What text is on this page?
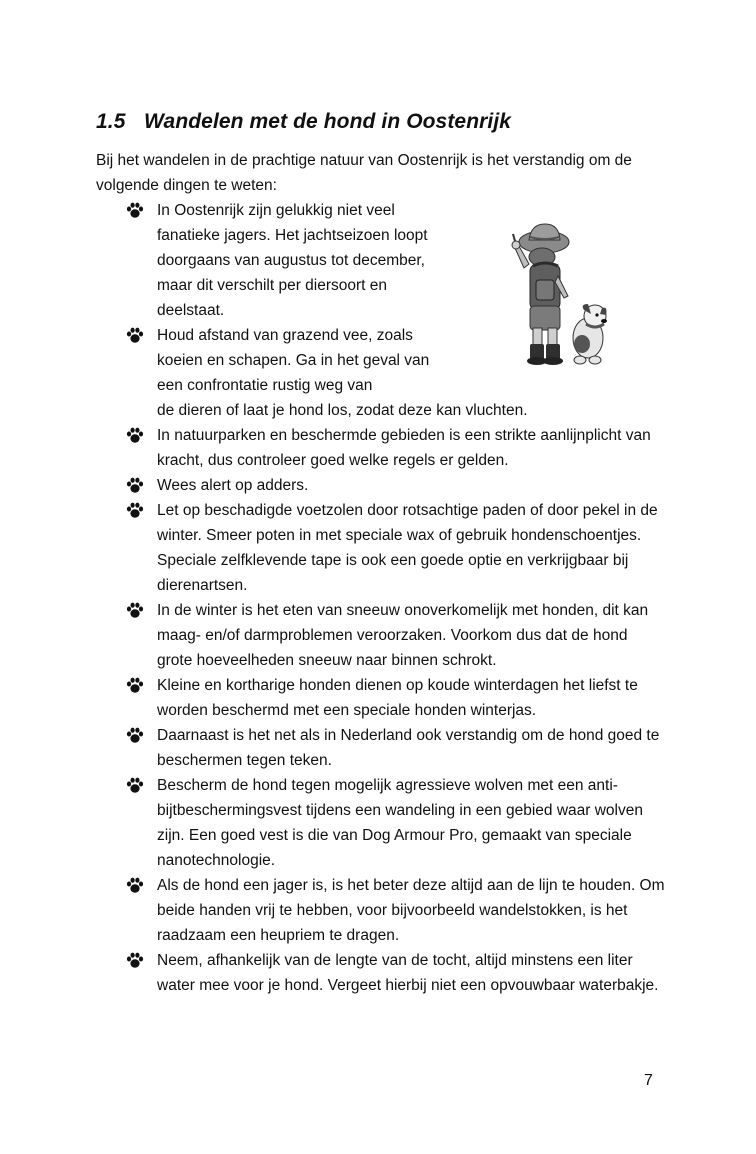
1.5 Wandelen met de hond in Oostenrijk
Bij het wandelen in de prachtige natuur van Oostenrijk is het verstandig om de volgende dingen te weten:
In Oostenrijk zijn gelukkig niet veel fanatieke jagers. Het jachtseizoen loopt doorgaans van augustus tot december, maar dit verschilt per diersoort en deelstaat.
Houd afstand van grazend vee, zoals koeien en schapen. Ga in het geval van een confrontatie rustig weg van
de dieren of laat je hond los, zodat deze kan vluchten.
In natuurparken en beschermde gebieden is een strikte aanlijnplicht van kracht, dus controleer goed welke regels er gelden.
Wees alert op adders.
Let op beschadigde voetzolen door rotsachtige paden of door pekel in de winter. Smeer poten in met speciale wax of gebruik hondenschoentjes. Speciale zelfklevende tape is ook een goede optie en verkrijgbaar bij dierenartsen.
In de winter is het eten van sneeuw onoverkomelijk met honden, dit kan maag- en/of darmproblemen veroorzaken. Voorkom dus dat de hond grote hoeveelheden sneeuw naar binnen schrokt.
Kleine en kortharige honden dienen op koude winterdagen het liefst te worden beschermd met een speciale honden winterjas.
Daarnaast is het net als in Nederland ook verstandig om de hond goed te beschermen tegen teken.
Bescherm de hond tegen mogelijk agressieve wolven met een anti-bijtbeschermingsvest tijdens een wandeling in een gebied waar wolven zijn. Een goed vest is die van Dog Armour Pro, gemaakt van speciale nanotechnologie.
Als de hond een jager is, is het beter deze altijd aan de lijn te houden. Om beide handen vrij te hebben, voor bijvoorbeeld wandelstokken, is het raadzaam een heupriem te dragen.
Neem, afhankelijk van de lengte van de tocht, altijd minstens een liter water mee voor je hond. Vergeet hierbij niet een opvouwbaar waterbakje.
7
